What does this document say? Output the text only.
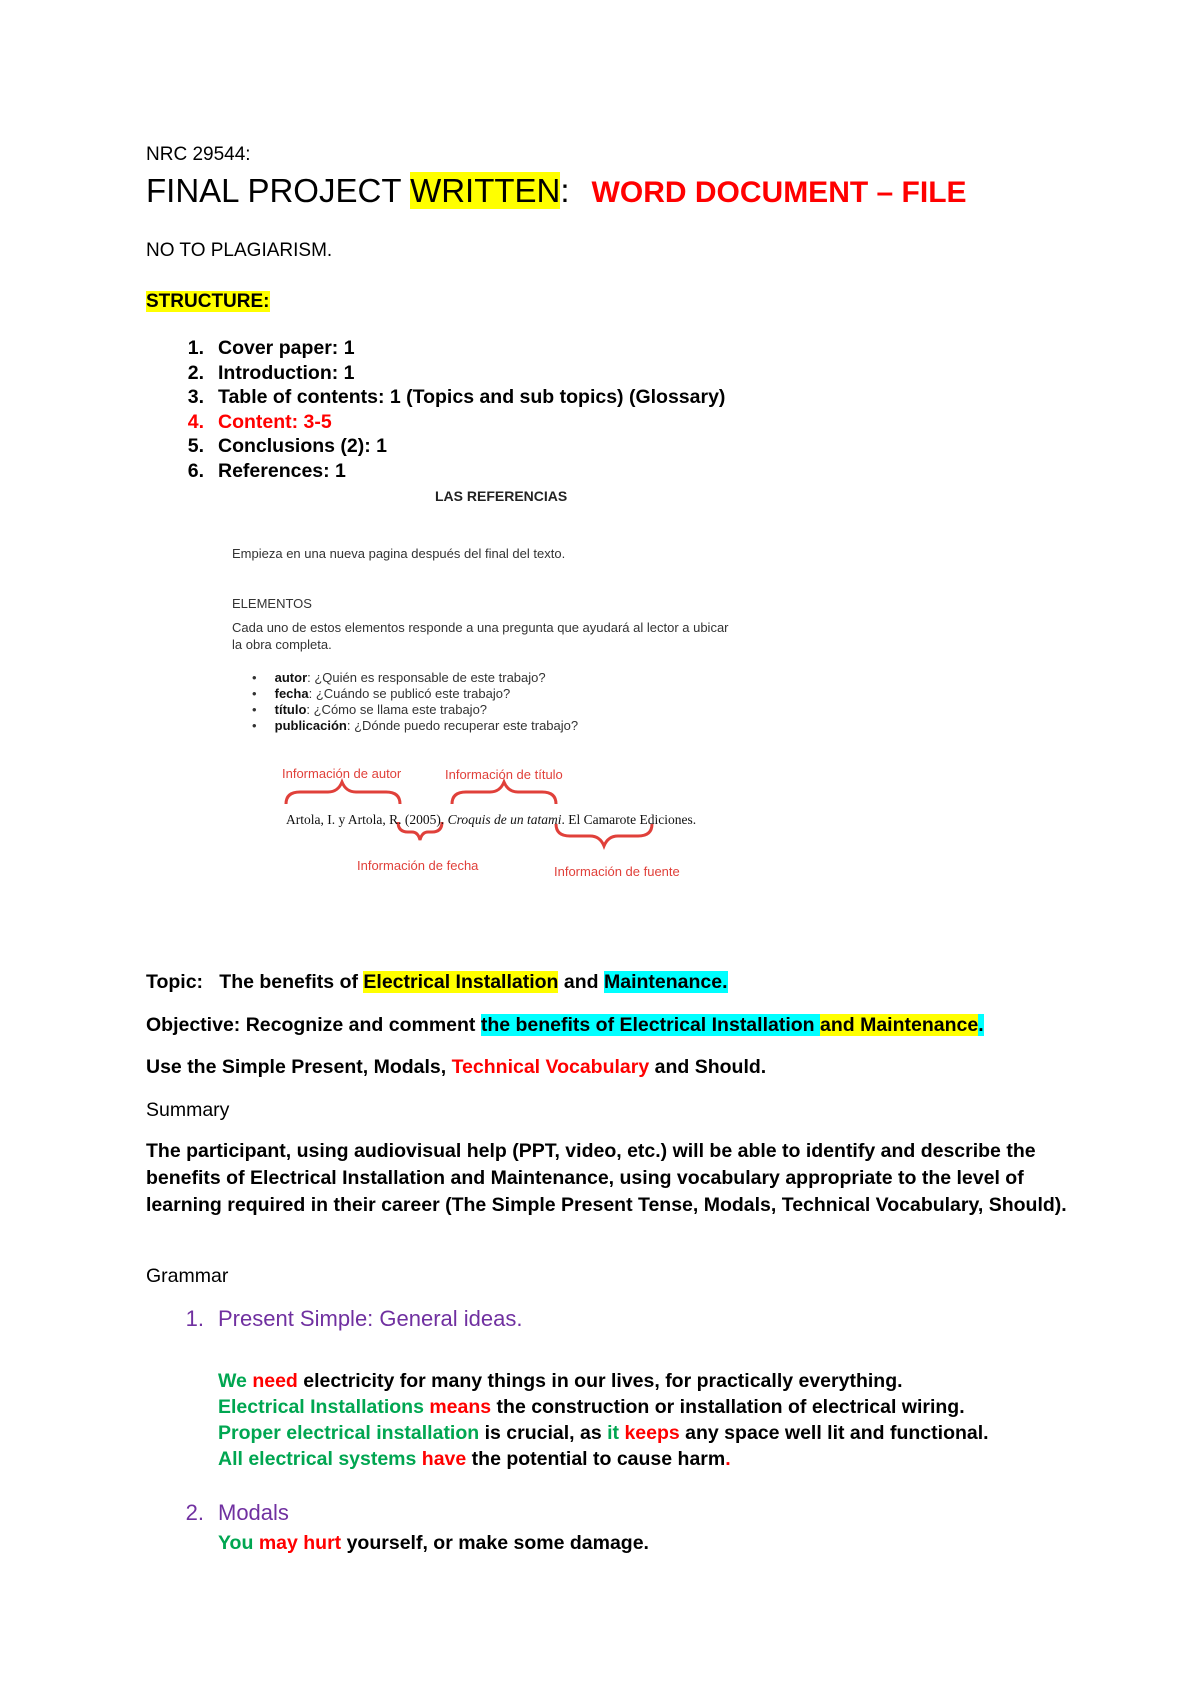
NRC 29544:
FINAL PROJECT WRITTEN: WORD DOCUMENT – FILE
NO TO PLAGIARISM.
STRUCTURE:
1. Cover paper: 1
2. Introduction: 1
3. Table of contents: 1 (Topics and sub topics) (Glossary)
4. Content: 3-5
5. Conclusions (2): 1
6. References: 1
LAS REFERENCIAS
Empieza en una nueva pagina después del final del texto.
ELEMENTOS
Cada uno de estos elementos responde a una pregunta que ayudará al lector a ubicar
la obra completa.
•     autor: ¿Quién es responsable de este trabajo?
•     fecha: ¿Cuándo se publicó este trabajo?
•     título: ¿Cómo se llama este trabajo?
•     publicación: ¿Dónde puedo recuperar este trabajo?
Información de autor	Información de título
Artola, I. y Artola, R. (2005). Croquis de un tatami. El Camarote Ediciones.
Información de fecha	Información de fuente
Topic:   The benefits of Electrical Installation and Maintenance.
Objective: Recognize and comment the benefits of Electrical Installation and Maintenance.
Use the Simple Present, Modals, Technical Vocabulary and Should.
Summary
The participant, using audiovisual help (PPT, video, etc.) will be able to identify and describe the benefits of Electrical Installation and Maintenance, using vocabulary appropriate to the level of learning required in their career (The Simple Present Tense, Modals, Technical Vocabulary, Should).
Grammar
1. Present Simple: General ideas.
We need electricity for many things in our lives, for practically everything.
Electrical Installations means the construction or installation of electrical wiring.
Proper electrical installation is crucial, as it keeps any space well lit and functional.
All electrical systems have the potential to cause harm.
2. Modals
You may hurt yourself, or make some damage.
